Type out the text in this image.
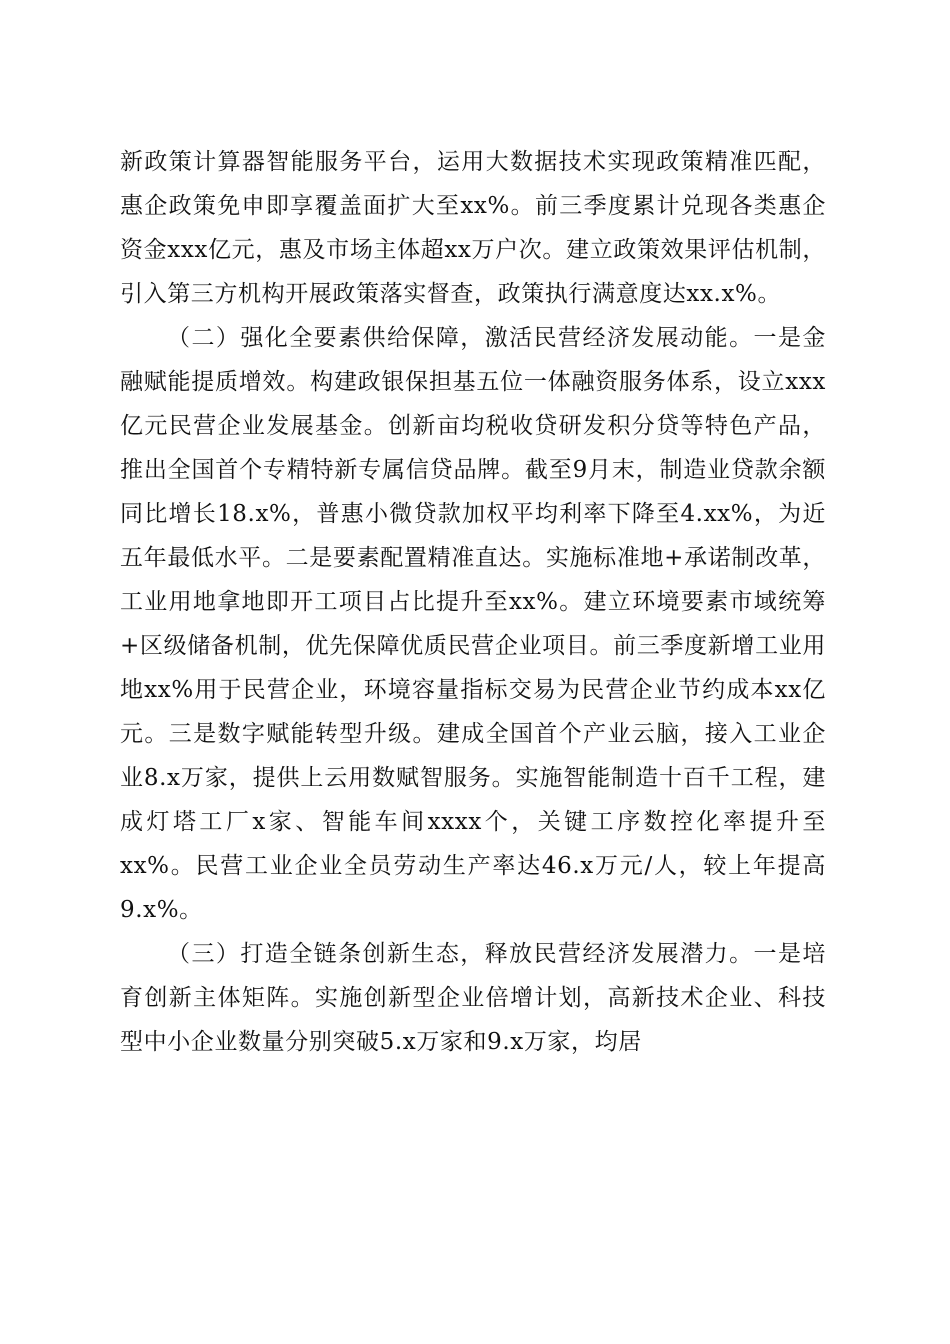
新政策计算器智能服务平台，运用大数据技术实现政策精准匹配，惠企政策免申即享覆盖面扩大至xx%。前三季度累计兑现各类惠企资金xxx亿元，惠及市场主体超xx万户次。建立政策效果评估机制，引入第三方机构开展政策落实督查，政策执行满意度达xx.x%。

（二）强化全要素供给保障，激活民营经济发展动能。一是金融赋能提质增效。构建政银保担基五位一体融资服务体系，设立xxx亿元民营企业发展基金。创新亩均税收贷研发积分贷等特色产品，推出全国首个专精特新专属信贷品牌。截至9月末，制造业贷款余额同比增长18.x%，普惠小微贷款加权平均利率下降至4.xx%，为近五年最低水平。二是要素配置精准直达。实施标准地+承诺制改革，工业用地拿地即开工项目占比提升至xx%。建立环境要素市域统筹+区级储备机制，优先保障优质民营企业项目。前三季度新增工业用地xx%用于民营企业，环境容量指标交易为民营企业节约成本xx亿元。三是数字赋能转型升级。建成全国首个产业云脑，接入工业企业8.x万家，提供上云用数赋智服务。实施智能制造十百千工程，建成灯塔工厂x家、智能车间xxxx个，关键工序数控化率提升至xx%。民营工业企业全员劳动生产率达46.x万元/人，较上年提高9.x%。

（三）打造全链条创新生态，释放民营经济发展潜力。一是培育创新主体矩阵。实施创新型企业倍增计划，高新技术企业、科技型中小企业数量分别突破5.x万家和9.x万家，均居
